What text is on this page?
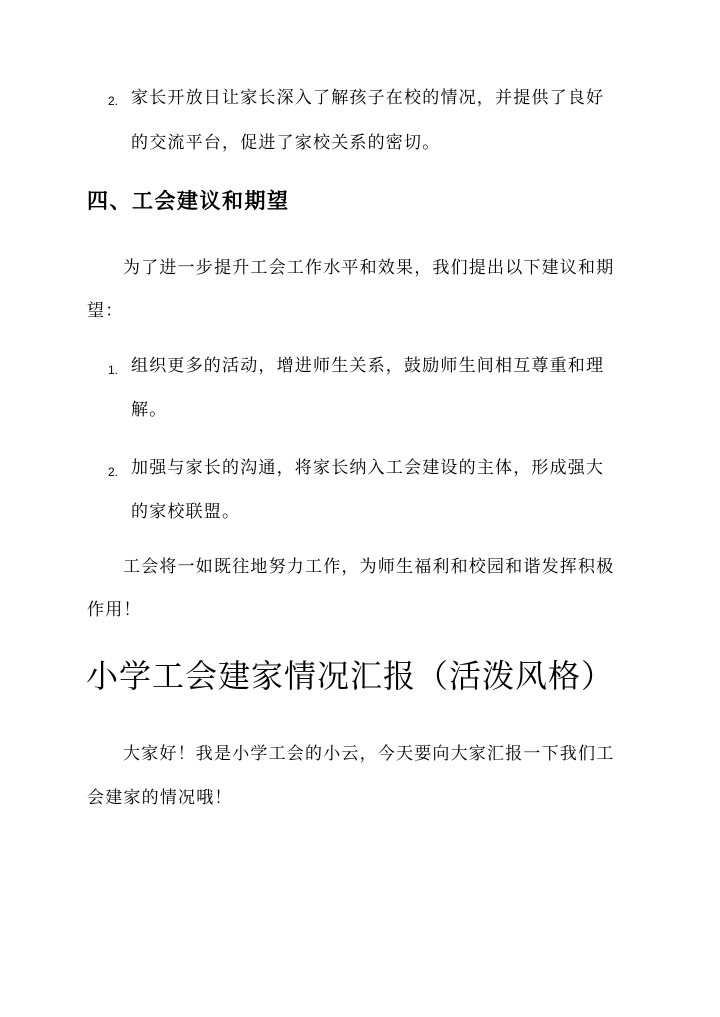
2. 家长开放日让家长深入了解孩子在校的情况，并提供了良好
的交流平台，促进了家校关系的密切。
四、工会建议和期望
为了进一步提升工会工作水平和效果，我们提出以下建议和期
望：
1. 组织更多的活动，增进师生关系，鼓励师生间相互尊重和理
解。
2. 加强与家长的沟通，将家长纳入工会建设的主体，形成强大
的家校联盟。
工会将一如既往地努力工作，为师生福利和校园和谐发挥积极
作用！
小学工会建家情况汇报（活泼风格）
大家好！我是小学工会的小云，今天要向大家汇报一下我们工
会建家的情况哦！
